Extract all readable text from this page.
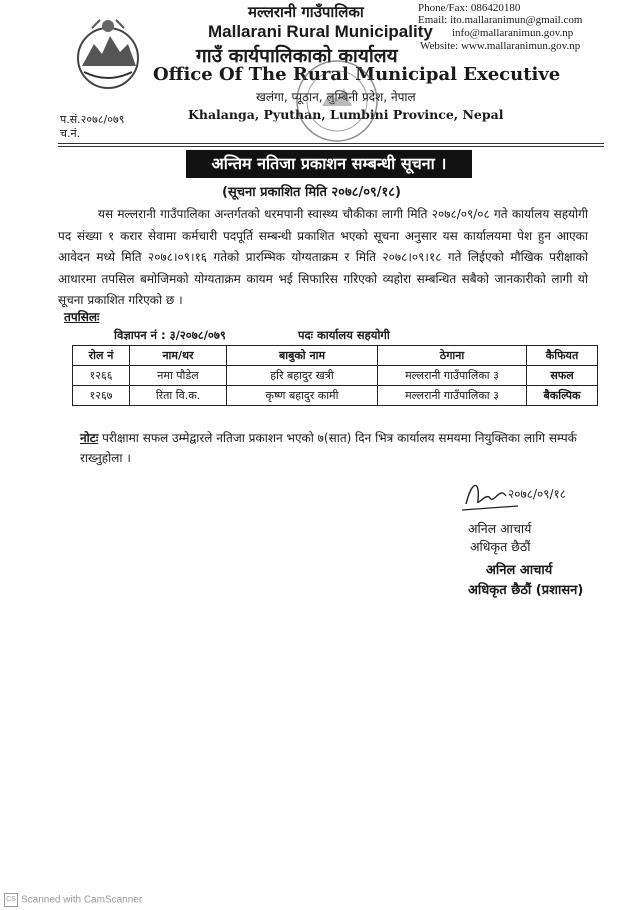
मल्लरानी गाउँपालिका
Mallarani Rural Municipality
गाउँ कार्यपालिकाको कार्यालय
Office Of The Rural Municipal Executive
खलंगा, प्यूठान, लुम्बिनी प्रदेश, नेपाल
Khalanga, Pyuthan, Lumbini Province, Nepal
Phone/Fax: 086420180
Email: ito.mallaranimun@gmail.com
info@mallaranimun.gov.np
Website: www.mallaranimun.gov.np
प.सं.२०७८/०७९
च.नं.
अन्तिम नतिजा प्रकाशन सम्बन्धी सूचना ।
(सूचना प्रकाशित मिति २०७८/०९/१८)
यस मल्लरानी गाउँपालिका अन्तर्गतको धरमपानी स्वास्थ्य चौकीका लागी मिति २०७८/०९/०८ गते कार्यालय सहयोगी पद संख्या १ करार सेवामा कर्मचारी पदपूर्ति सम्बन्धी प्रकाशित भएको सूचना अनुसार यस कार्यालयमा पेश हुन आएका आवेदन मध्ये मिति २०७८।०९।१६ गतेको प्रारम्भिक योग्यताक्रम र मिति २०७८।०९।१८ गते लिईएको मौखिक परीक्षाको आधारमा तपसिल बमोजिमको योग्यताक्रम कायम भई सिफारिस गरिएको व्यहोरा सम्बन्धित सबैको जानकारीको लागी यो सूचना प्रकाशित गरिएको छ ।
तपसिलः
विज्ञापन नं : ३/२०७८/०७९	पदः कार्यालय सहयोगी
रोल नं	नाम/थर	बाबुको नाम	ठेगाना	कैफियत
१२६६	नमा पौडेल	हरि बहादुर खत्री	मल्लरानी गाउँपालिका ३	सफल
१२६७	रिता वि.क.	कृष्ण बहादुर कामी	मल्लरानी गाउँपालिका ३	बैकल्पिक
नोटः परीक्षामा सफल उम्मेद्वारले नतिजा प्रकाशन भएको ७(सात) दिन भित्र कार्यालय समयमा नियुक्तिका लागि सम्पर्क राख्नुहोला ।
२०७८/०९/१८
अनिल आचार्य
अधिकृत छैठौं
अनिल आचार्य
अधिकृत छैठौं (प्रशासन)
CS Scanned with CamScanner
